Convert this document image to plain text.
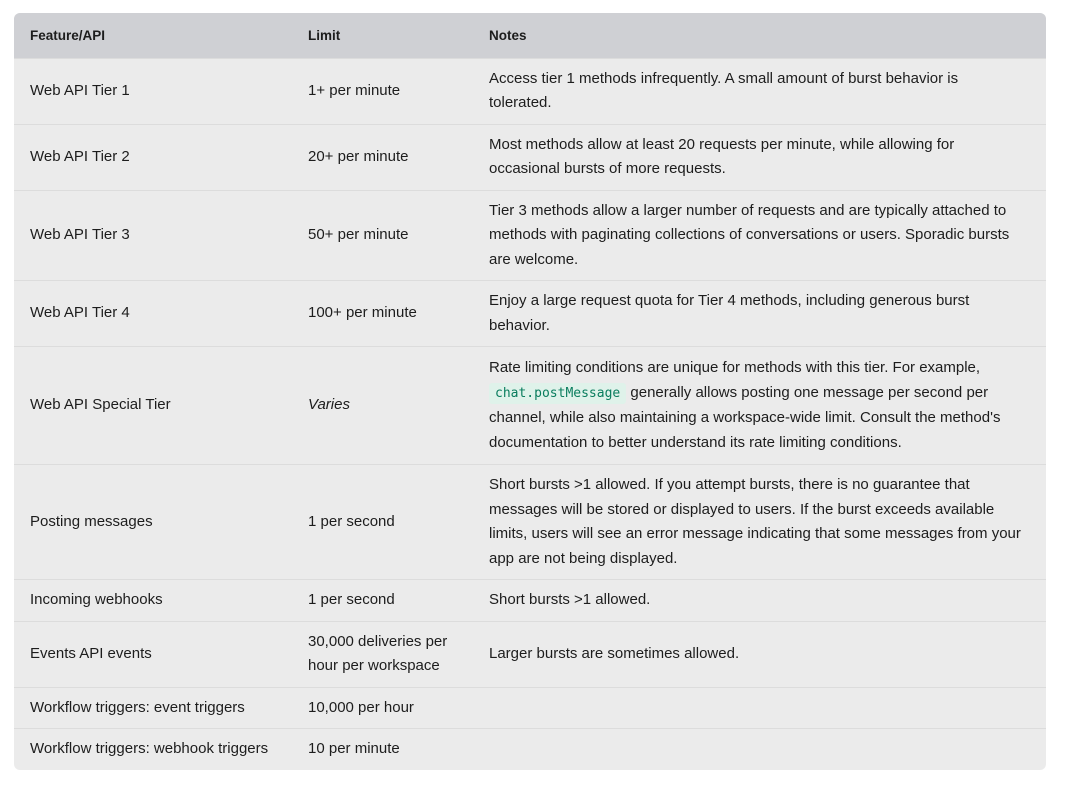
Feature/API	Limit	Notes
Web API Tier 1	1+ per minute	Access tier 1 methods infrequently. A small amount of burst behavior is tolerated.
Web API Tier 2	20+ per minute	Most methods allow at least 20 requests per minute, while allowing for occasional bursts of more requests.
Web API Tier 3	50+ per minute	Tier 3 methods allow a larger number of requests and are typically attached to methods with paginating collections of conversations or users. Sporadic bursts are welcome.
Web API Tier 4	100+ per minute	Enjoy a large request quota for Tier 4 methods, including generous burst behavior.
Web API Special Tier	Varies	Rate limiting conditions are unique for methods with this tier. For example, chat.postMessage generally allows posting one message per second per channel, while also maintaining a workspace-wide limit. Consult the method's documentation to better understand its rate limiting conditions.
Posting messages	1 per second	Short bursts >1 allowed. If you attempt bursts, there is no guarantee that messages will be stored or displayed to users. If the burst exceeds available limits, users will see an error message indicating that some messages from your app are not being displayed.
Incoming webhooks	1 per second	Short bursts >1 allowed.
Events API events	30,000 deliveries per hour per workspace	Larger bursts are sometimes allowed.
Workflow triggers: event triggers	10,000 per hour	
Workflow triggers: webhook triggers	10 per minute	
